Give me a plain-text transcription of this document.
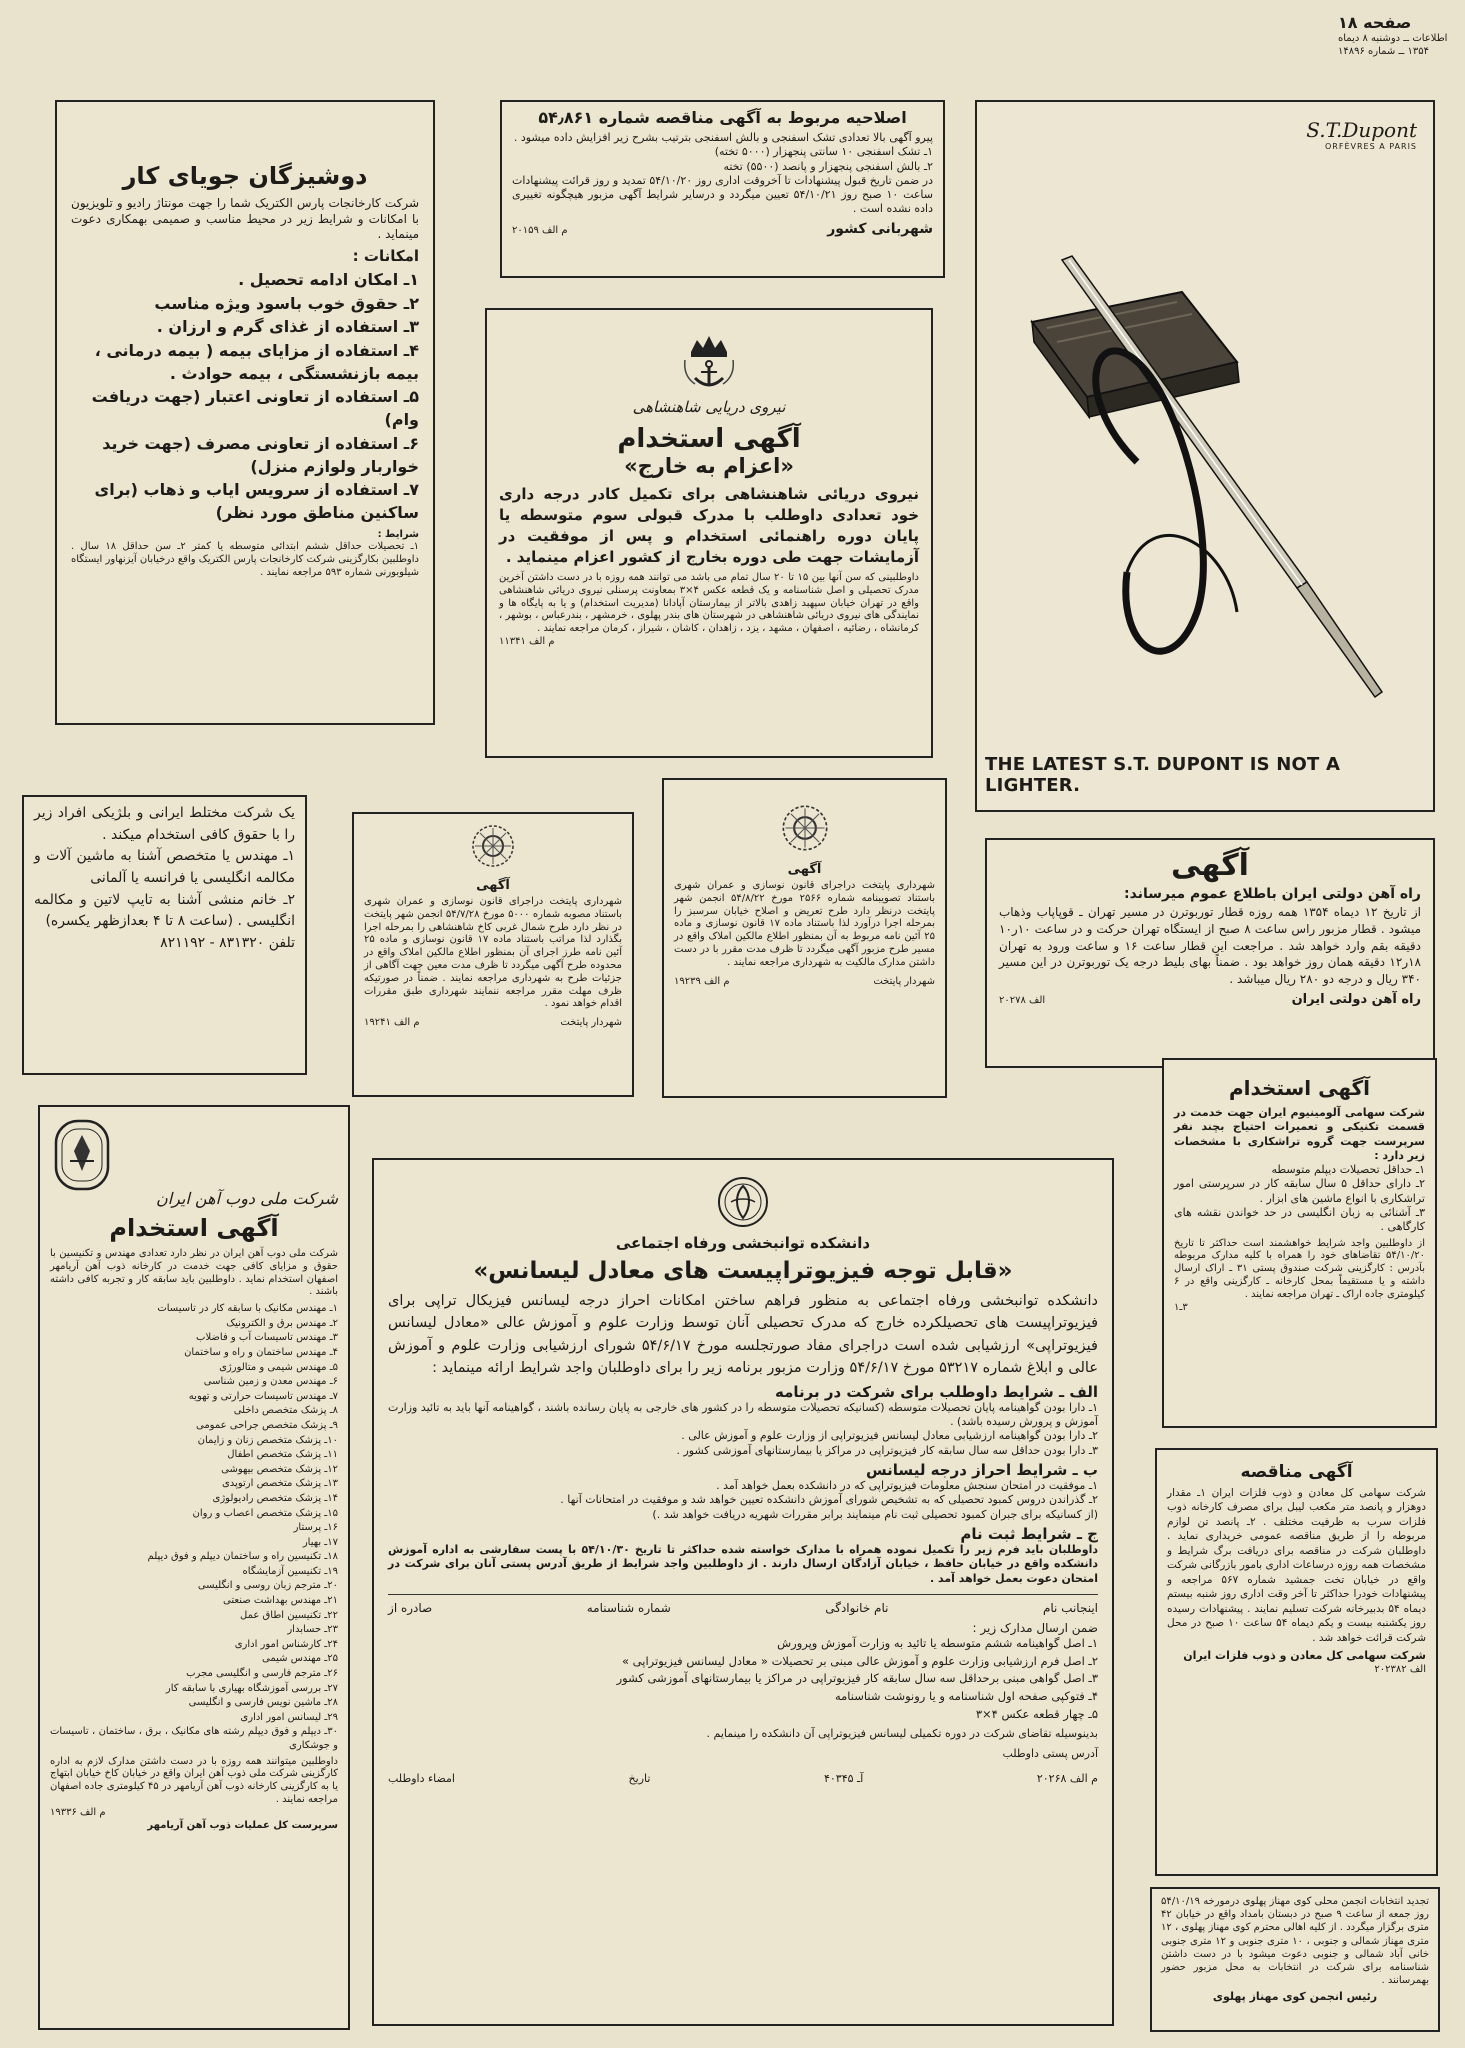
صفحه ۱۸
اطلاعات ــ دوشنبه ۸ دیماه
۱۳۵۴ ــ شماره ۱۴۸۹۶
اصلاحیه مربوط به آگهی مناقصه شماره ۵۴٫۸۶۱
پیرو آگهی بالا تعدادی تشک اسفنجی و بالش اسفنجی بترتیب بشرح زیر افزایش داده میشود .
۱ـ تشک اسفنجی ۱۰ سانتی پنجهزار (۵۰۰۰ تخته)
۲ـ بالش اسفنجی پنجهزار و پانصد (۵۵۰۰) تخته
در ضمن تاریخ قبول پیشنهادات تا آخروقت اداری روز ۵۴/۱۰/۲۰ تمدید و روز قرائت پیشنهادات ساعت ۱۰ صبح روز ۵۴/۱۰/۲۱ تعیین میگردد و درسایر شرایط آگهی مزبور هیچگونه تغییری داده نشده است .
شهربانی کشور
م الف ۲۰۱۵۹
دوشیزگان جویای کار
شرکت کارخانجات پارس الکتریک شما را جهت مونتاژ رادیو و تلویزیون با امکانات و شرایط زیر در محیط مناسب و صمیمی بهمکاری دعوت مینماید .
امکانات :
۱ـ امکان ادامه تحصیل .
۲ـ حقوق خوب باسود ویژه مناسب
۳ـ استفاده از غذای گرم و ارزان .
۴ـ استفاده از مزایای بیمه ( بیمه درمانی ، بیمه بازنشستگی ، بیمه حوادث .
۵ـ استفاده از تعاونی اعتبار (جهت دریافت وام)
۶ـ استفاده از تعاونی مصرف (جهت خرید خواربار ولوازم منزل)
۷ـ استفاده از سرویس ایاب و ذهاب (برای ساکنین مناطق مورد نظر)
شرایط :
۱ـ تحصیلات حداقل ششم ابتدائی متوسطه یا کمتر ۲ـ سن حداقل ۱۸ سال . داوطلبین بکارگزینی شرکت کارخانجات پارس الکتریک واقع درخیابان آیزنهاور ایستگاه شیلوبورنی شماره ۵۹۳ مراجعه نمایند .
نیروی دریایی شاهنشاهی
آگهی استخدام
«اعزام به خارج»
نیروی دریائی شاهنشاهی برای تکمیل کادر درجه داری خود تعدادی داوطلب با مدرک قبولی سوم متوسطه یا پایان دوره راهنمائی استخدام و پس از موفقیت در آزمایشات جهت طی دوره بخارج از کشور اعزام مینماید .
داوطلبینی که سن آنها بین ۱۵ تا ۲۰ سال تمام می باشد می توانند همه روزه با در دست داشتن آخرین مدرک تحصیلی و اصل شناسنامه و یک قطعه عکس ۴×۳ بمعاونت پرسنلی نیروی دریائی شاهنشاهی واقع در تهران خیابان سپهبد زاهدی بالاتر از بیمارستان آپادانا (مدیریت استخدام) و یا به پایگاه ها و نمایندگی های نیروی دریائی شاهنشاهی در شهرستان های بندر پهلوی ، خرمشهر ، بندرعباس ، بوشهر ، کرمانشاه ، رضائیه ، اصفهان ، مشهد ، یزد ، زاهدان ، کاشان ، شیراز ، کرمان مراجعه نمایند .
م الف ۱۱۳۴۱
S.T.Dupont
ORFÈVRES A PARIS
THE LATEST S.T. DUPONT IS NOT A LIGHTER.
یک شرکت مختلط ایرانی و بلژیکی افراد زیر را با حقوق کافی استخدام میکند .
۱ـ مهندس یا متخصص آشنا به ماشین آلات و مکالمه انگلیسی یا فرانسه یا آلمانی
۲ـ خانم منشی آشنا به تایپ لاتین و مکالمه انگلیسی . (ساعت ۸ تا ۴ بعدازظهر یکسره)
تلفن ۸۳۱۳۲۰ - ۸۲۱۱۹۲
آگهی
شهرداری پایتخت دراجرای قانون نوسازی و عمران شهری باستناد مصوبه شماره ۵۰۰۰ مورخ ۵۴/۷/۲۸ انجمن شهر پایتخت در نظر دارد طرح شمال غربی کاخ شاهنشاهی را بمرحله اجرا بگذارد لذا مراتب باستناد ماده ۱۷ قانون نوسازی و ماده ۲۵ آئین نامه طرز اجرای آن بمنظور اطلاع مالکین املاک واقع در محدوده طرح آگهی میگردد تا ظرف مدت معین جهت آگاهی از جزئیات طرح به شهرداری مراجعه نمایند . ضمناً در صورتیکه ظرف مهلت مقرر مراجعه ننمایند شهرداری طبق مقررات اقدام خواهد نمود .
شهردار پایتخت
م الف ۱۹۲۴۱
آگهی
شهرداری پایتخت دراجرای قانون نوسازی و عمران شهری باستناد تصویبنامه شماره ۲۵۶۶ مورخ ۵۴/۸/۲۲ انجمن شهر پایتخت درنظر دارد طرح تعریض و اصلاح خیابان سرسبز را بمرحله اجرا درآورد لذا باستناد ماده ۱۷ قانون نوسازی و ماده ۲۵ آئین نامه مربوط به آن بمنظور اطلاع مالکین املاک واقع در مسیر طرح مزبور آگهی میگردد تا ظرف مدت مقرر با در دست داشتن مدارک مالکیت به شهرداری مراجعه نمایند .
شهردار پایتخت
م الف ۱۹۲۳۹
آگهی
راه آهن دولتی ایران باطلاع عموم میرساند:
از تاریخ ۱۲ دیماه ۱۳۵۴ همه روزه قطار توربوترن در مسیر تهران ـ قوپاپاب وذهاب میشود . قطار مزبور راس ساعت ۸ صبح از ایستگاه تهران حرکت و در ساعت ۱۰ر۱۰ دقیقه بقم وارد خواهد شد . مراجعت این قطار ساعت ۱۶ و ساعت ورود به تهران ۱۸ر۱۲ دقیقه همان روز خواهد بود . ضمناً بهای بلیط درجه یک توربوترن در این مسیر ۳۴۰ ریال و درجه دو ۲۸۰ ریال میباشد .
راه آهن دولتی ایران
الف ۲۰۲۷۸
آگهی استخدام
شرکت سهامی آلومینیوم ایران جهت خدمت در قسمت تکنیکی و تعمیرات احتیاج بچند نفر سرپرست جهت گروه تراشکاری با مشخصات زیر دارد :
۱ـ حداقل تحصیلات دیپلم متوسطه
۲ـ دارای حداقل ۵ سال سابقه کار در سرپرستی امور تراشکاری با انواع ماشین های ابزار .
۳ـ آشنائی به زبان انگلیسی در حد خواندن نقشه های کارگاهی .
از داوطلبین واجد شرایط خواهشمند است حداکثر تا تاریخ ۵۴/۱۰/۲۰ تقاضاهای خود را همراه با کلیه مدارک مربوطه بآدرس : کارگزینی شرکت صندوق پستی ۳۱ ـ اراک ارسال داشته و یا مستقیماً بمحل کارخانه ـ کارگزینی واقع در ۶ کیلومتری جاده اراک ـ تهران مراجعه نمایند .
۳ـ۱
شرکت ملی دوب آهن ایران
آگهی استخدام
شرکت ملی دوب آهن ایران در نظر دارد تعدادی مهندس و تکنیسین با حقوق و مزایای کافی جهت خدمت در کارخانه ذوب آهن آریامهر اصفهان استخدام نماید . داوطلبین باید سابقه کار و تجربه کافی داشته باشند .
۱ـ مهندس مکانیک با سابقه کار در تاسیسات
۲ـ مهندس برق و الکترونیک
۳ـ مهندس تاسیسات آب و فاضلاب
۴ـ مهندس ساختمان و راه و ساختمان
۵ـ مهندس شیمی و متالورژی
۶ـ مهندس معدن و زمین شناسی
۷ـ مهندس تاسیسات حرارتی و تهویه
۸ـ پزشک متخصص داخلی
۹ـ پزشک متخصص جراحی عمومی
۱۰ـ پزشک متخصص زنان و زایمان
۱۱ـ پزشک متخصص اطفال
۱۲ـ پزشک متخصص بیهوشی
۱۳ـ پزشک متخصص ارتوپدی
۱۴ـ پزشک متخصص رادیولوژی
۱۵ـ پزشک متخصص اعصاب و روان
۱۶ـ پرستار
۱۷ـ بهیار
۱۸ـ تکنیسین راه و ساختمان دیپلم و فوق دیپلم
۱۹ـ تکنیسین آزمایشگاه
۲۰ـ مترجم زبان روسی و انگلیسی
۲۱ـ مهندس بهداشت صنعتی
۲۲ـ تکنیسین اطاق عمل
۲۳ـ حسابدار
۲۴ـ کارشناس امور اداری
۲۵ـ مهندس شیمی
۲۶ـ مترجم فارسی و انگلیسی مجرب
۲۷ـ بررسی آموزشگاه بهیاری با سابقه کار
۲۸ـ ماشین نویس فارسی و انگلیسی
۲۹ـ لیسانس امور اداری
۳۰ـ دیپلم و فوق دیپلم رشته های مکانیک ، برق ، ساختمان ، تاسیسات و جوشکاری
داوطلبین میتوانند همه روزه با در دست داشتن مدارک لازم به اداره کارگزینی شرکت ملی ذوب آهن ایران واقع در خیابان کاخ خیابان ابتهاج یا به کارگزینی کارخانه ذوب آهن آریامهر در ۴۵ کیلومتری جاده اصفهان مراجعه نمایند .
م الف ۱۹۳۳۶
سرپرست کل عملیات ذوب آهن آریامهر
دانشکده توانبخشی ورفاه اجتماعی
«قابل توجه فیزیوتراپیست های معادل لیسانس»
دانشکده توانبخشی ورفاه اجتماعی به منظور فراهم ساختن امکانات احراز درجه لیسانس فیزیکال تراپی برای فیزیوتراپیست های تحصیلکرده خارج که مدرک تحصیلی آنان توسط وزارت علوم و آموزش عالی «معادل لیسانس فیزیوتراپی» ارزشیابی شده است دراجرای مفاد صورتجلسه مورخ ۵۴/۶/۱۷ شورای ارزشیابی وزارت علوم و آموزش عالی و ابلاغ شماره ۵۳۲۱۷ مورخ ۵۴/۶/۱۷ وزارت مزبور برنامه زیر را برای داوطلبان واجد شرایط ارائه مینماید :
الف ـ شرایط داوطلب برای شرکت در برنامه
۱ـ دارا بودن گواهینامه پایان تحصیلات متوسطه (کسانیکه تحصیلات متوسطه را در کشور های خارجی به پایان رسانده باشند ، گواهینامه آنها باید به تائید وزارت آموزش و پرورش رسیده باشد) .
۲ـ دارا بودن گواهینامه ارزشیابی معادل لیسانس فیزیوتراپی از وزارت علوم و آموزش عالی .
۳ـ دارا بودن حداقل سه سال سابقه کار فیزیوتراپی در مراکز یا بیمارستانهای آموزشی کشور .
ب ـ شرایط احراز درجه لیسانس
۱ـ موفقیت در امتحان سنجش معلومات فیزیوتراپی که در دانشکده بعمل خواهد آمد .
۲ـ گذراندن دروس کمبود تحصیلی که به تشخیص شورای آموزش دانشکده تعیین خواهد شد و موفقیت در امتحانات آنها .
(از کسانیکه برای جبران کمبود تحصیلی ثبت نام مینمایند برابر مقررات شهریه دریافت خواهد شد .)
ج ـ شرایط ثبت نام
داوطلبان باید فرم زیر را تکمیل نموده همراه با مدارک خواسته شده حداکثر تا تاریخ ۵۴/۱۰/۳۰ با پست سفارشی به اداره آموزش دانشکده واقع در خیابان حافظ ، خیابان آزادگان ارسال دارند . از داوطلبین واجد شرایط از طریق آدرس پستی آنان برای شرکت در امتحان دعوت بعمل خواهد آمد .
اینجانب نام
نام خانوادگی
شماره شناسنامه
صادره از
ضمن ارسال مدارک زیر :
۱ـ اصل گواهینامه ششم متوسطه یا تائید به وزارت آموزش وپرورش
۲ـ اصل فرم ارزشیابی وزارت علوم و آموزش عالی مبنی بر تحصیلات « معادل لیسانس فیزیوتراپی »
۳ـ اصل گواهی مبنی برحداقل سه سال سابقه کار فیزیوتراپی در مراکز یا بیمارستانهای آموزشی کشور
۴ـ فتوکپی صفحه اول شناسنامه و یا رونوشت شناسنامه
۵ـ چهار قطعه عکس ۴×۳
بدینوسیله تقاضای شرکت در دوره تکمیلی لیسانس فیزیوتراپی آن دانشکده را مینمایم .
آدرس پستی داوطلب
م الف ۲۰۲۶۸
آـ ۴۰۳۴۵
تاریخ
امضاء داوطلب
آگهی مناقصه
شرکت سهامی کل معادن و ذوب فلزات ایران ۱ـ مقدار دوهزار و پانصد متر مکعب لیبل برای مصرف کارخانه ذوب فلزات سرب به ظرفیت مختلف . ۲ـ پانصد تن لوازم مربوطه را از طریق مناقصه عمومی خریداری نماید . داوطلبان شرکت در مناقصه برای دریافت برگ شرایط و مشخصات همه روزه درساعات اداری بامور بازرگانی شرکت واقع در خیابان تخت جمشید شماره ۵۶۷ مراجعه و پیشنهادات خودرا حداکثر تا آخر وقت اداری روز شنبه بیستم دیماه ۵۴ بدبیرخانه شرکت تسلیم نمایند . پیشنهادات رسیده روز یکشنبه بیست و یکم دیماه ۵۴ ساعت ۱۰ صبح در محل شرکت قرائت خواهد شد .
شرکت سهامی کل معادن و ذوب فلزات ایران
الف ۲۰۲۳۸۲
تجدید انتخابات انجمن محلی کوی مهناز پهلوی درمورخه ۵۴/۱۰/۱۹ روز جمعه از ساعت ۹ صبح در دبستان بامداد واقع در خیابان ۴۲ متری برگزار میگردد . از کلیه اهالی محترم کوی مهناز پهلوی ، ۱۲ متری مهناز شمالی و جنوبی ، ۱۰ متری جنوبی و ۱۲ متری جنوبی خانی آباد شمالی و جنوبی دعوت میشود با در دست داشتن شناسنامه برای شرکت در انتخابات به محل مزبور حضور بهمرسانند .
رئیس انجمن کوی مهناز پهلوی
